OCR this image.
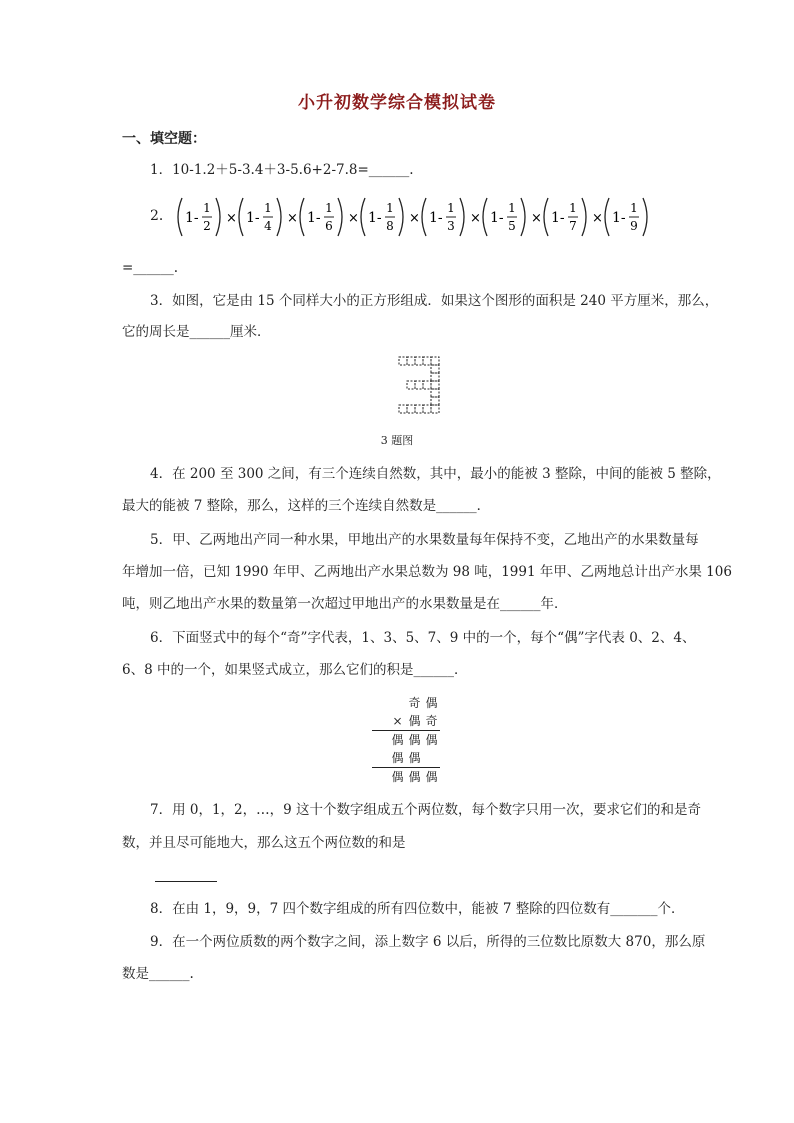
小升初数学综合模拟试卷
一、填空题：
1．10-1.2＋5-3.4＋3-5.6+2-7.8=______.
2． 1-
1
2 × 1-
1
4 × 1-
1
6 × 1-
1
8 × 1-
1
3 × 1-
1
5 × 1-
1
7 × 1-
1
9
=______.
3．如图，它是由 15 个同样大小的正方形组成．如果这个图形的面积是 240 平方厘米，那么，
它的周长是______厘米．
3 题图
4．在 200 至 300 之间，有三个连续自然数，其中，最小的能被 3 整除，中间的能被 5 整除，
最大的能被 7 整除，那么，这样的三个连续自然数是______．
5．甲、乙两地出产同一种水果，甲地出产的水果数量每年保持不变，乙地出产的水果数量每
年增加一倍，已知 1990 年甲、乙两地出产水果总数为 98 吨，1991 年甲、乙两地总计出产水果 106
吨，则乙地出产水果的数量第一次超过甲地出产的水果数量是在______年．
6．下面竖式中的每个“奇”字代表，1、3、5、7、9 中的一个，每个“偶”字代表 0、2、4、
6、8 中的一个，如果竖式成立，那么它们的积是______．
奇 偶
× 偶 奇
偶 偶 偶
偶 偶
偶 偶 偶
7．用 0，1，2，…，9 这十个数字组成五个两位数，每个数字只用一次，要求它们的和是奇
数，并且尽可能地大，那么这五个两位数的和是
8．在由 1，9，9，7 四个数字组成的所有四位数中，能被 7 整除的四位数有_______个．
9．在一个两位质数的两个数字之间，添上数字 6 以后，所得的三位数比原数大 870，那么原
数是______.
